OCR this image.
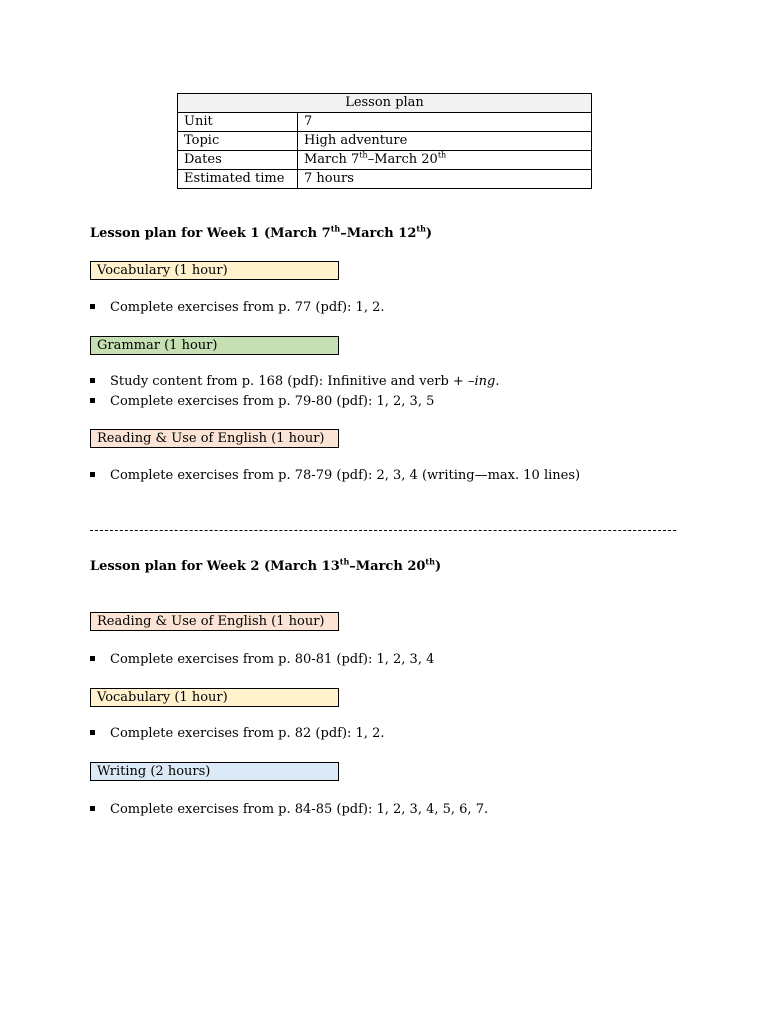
Lesson plan	
Unit	7
Topic	High adventure
Dates	March 7th–March 20th
Estimated time	7 hours
Lesson plan for Week 1 (March 7th–March 12th)
Vocabulary (1 hour)
Complete exercises from p. 77 (pdf): 1, 2.
Grammar (1 hour)
Study content from p. 168 (pdf): Infinitive and verb + –ing.
Complete exercises from p. 79-80 (pdf): 1, 2, 3, 5
Reading & Use of English (1 hour)
Complete exercises from p. 78-79 (pdf): 2, 3, 4 (writing—max. 10 lines)
Lesson plan for Week 2 (March 13th–March 20th)
Reading & Use of English (1 hour)
Complete exercises from p. 80-81 (pdf): 1, 2, 3, 4
Vocabulary (1 hour)
Complete exercises from p. 82 (pdf): 1, 2.
Writing (2 hours)
Complete exercises from p. 84-85 (pdf): 1, 2, 3, 4, 5, 6, 7.
